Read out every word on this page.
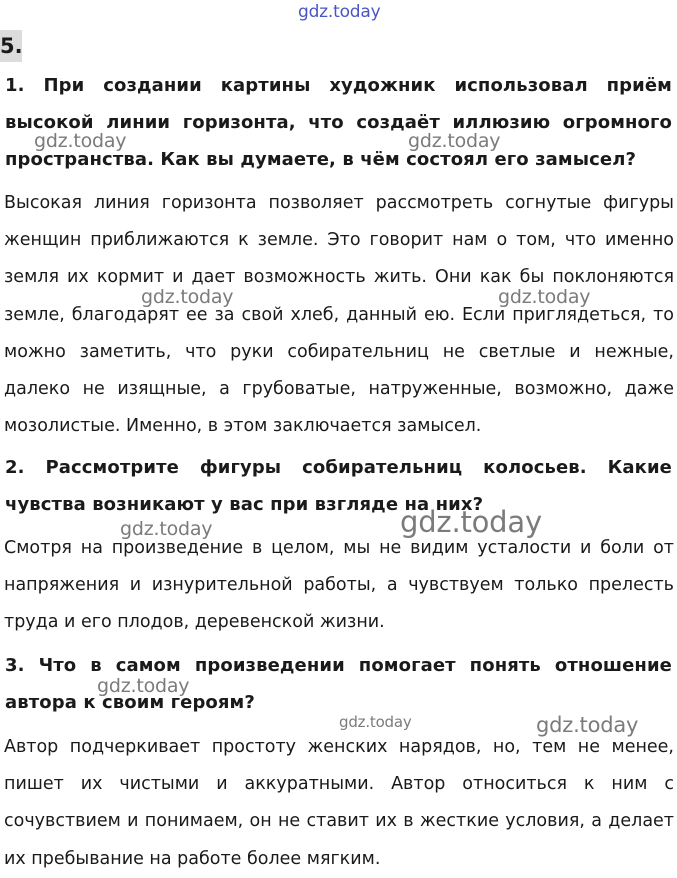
gdz.today
5.
1. При создании картины художник использовал приём высокой линии горизонта, что создаёт иллюзию огромного пространства. Как вы думаете, в чём состоял его замысел?
Высокая линия горизонта позволяет рассмотреть согнутые фигуры женщин приближаются к земле. Это говорит нам о том, что именно земля их кормит и дает возможность жить. Они как бы поклоняются земле, благодарят ее за свой хлеб, данный ею. Если приглядеться, то можно заметить, что руки собирательниц не светлые и нежные, далеко не изящные, а грубоватые, натруженные, возможно, даже мозолистые. Именно, в этом заключается замысел.
2. Рассмотрите фигуры собирательниц колосьев. Какие чувства возникают у вас при взгляде на них?
Смотря на произведение в целом, мы не видим усталости и боли от напряжения и изнурительной работы, а чувствуем только прелесть труда и его плодов, деревенской жизни.
3. Что в самом произведении помогает понять отношение автора к своим героям?
Автор подчеркивает простоту женских нарядов, но, тем не менее, пишет их чистыми и аккуратными. Автор относиться к ним с сочувствием и понимаем, он не ставит их в жесткие условия, а делает их пребывание на работе более мягким.
gdz.today	gdz.today
gdz.today	gdz.today
gdz.today	gdz.today
gdz.today
gdz.today	gdz.today
